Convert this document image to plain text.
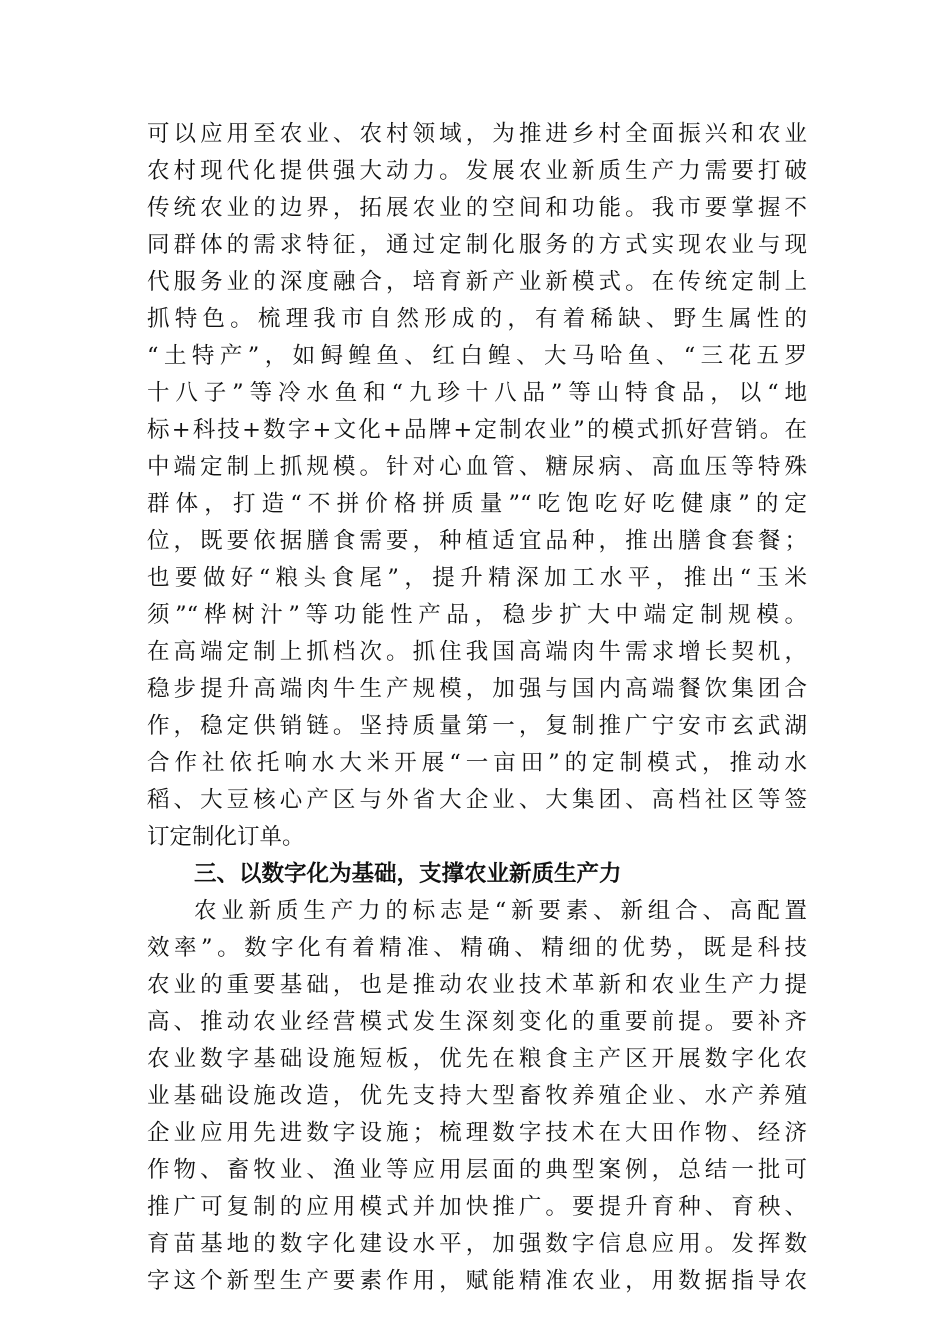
可以应用至农业、农村领域，为推进乡村全面振兴和农业
农村现代化提供强大动力。发展农业新质生产力需要打破
传统农业的边界，拓展农业的空间和功能。我市要掌握不
同群体的需求特征，通过定制化服务的方式实现农业与现
代服务业的深度融合，培育新产业新模式。在传统定制上
抓特色。梳理我市自然形成的，有着稀缺、野生属性的
“土特产”，如鲟鳇鱼、红白鳇、大马哈鱼、“三花五罗
十八子”等冷水鱼和“九珍十八品”等山特食品，以“地
标+科技+数字+文化+品牌+定制农业”的模式抓好营销。在
中端定制上抓规模。针对心血管、糖尿病、高血压等特殊
群体，打造“不拼价格拼质量”“吃饱吃好吃健康”的定
位，既要依据膳食需要，种植适宜品种，推出膳食套餐；
也要做好“粮头食尾”，提升精深加工水平，推出“玉米
须”“桦树汁”等功能性产品，稳步扩大中端定制规模。
在高端定制上抓档次。抓住我国高端肉牛需求增长契机，
稳步提升高端肉牛生产规模，加强与国内高端餐饮集团合
作，稳定供销链。坚持质量第一，复制推广宁安市玄武湖
合作社依托响水大米开展“一亩田”的定制模式，推动水
稻、大豆核心产区与外省大企业、大集团、高档社区等签
订定制化订单。
三、以数字化为基础，支撑农业新质生产力
农业新质生产力的标志是“新要素、新组合、高配置
效率”。数字化有着精准、精确、精细的优势，既是科技
农业的重要基础，也是推动农业技术革新和农业生产力提
高、推动农业经营模式发生深刻变化的重要前提。要补齐
农业数字基础设施短板，优先在粮食主产区开展数字化农
业基础设施改造，优先支持大型畜牧养殖企业、水产养殖
企业应用先进数字设施；梳理数字技术在大田作物、经济
作物、畜牧业、渔业等应用层面的典型案例，总结一批可
推广可复制的应用模式并加快推广。要提升育种、育秧、
育苗基地的数字化建设水平，加强数字信息应用。发挥数
字这个新型生产要素作用，赋能精准农业，用数据指导农
